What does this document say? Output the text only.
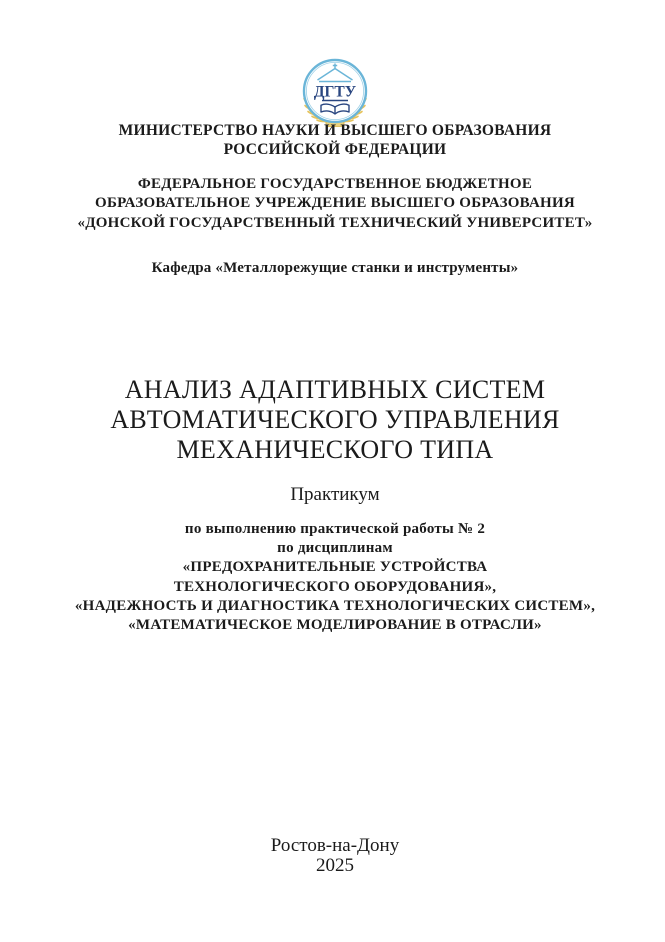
ДГТУ
МИНИСТЕРСТВО НАУКИ И ВЫСШЕГО ОБРАЗОВАНИЯ
РОССИЙСКОЙ ФЕДЕРАЦИИ
ФЕДЕРАЛЬНОЕ ГОСУДАРСТВЕННОЕ БЮДЖЕТНОЕ
ОБРАЗОВАТЕЛЬНОЕ УЧРЕЖДЕНИЕ ВЫСШЕГО ОБРАЗОВАНИЯ
«ДОНСКОЙ ГОСУДАРСТВЕННЫЙ ТЕХНИЧЕСКИЙ УНИВЕРСИТЕТ»
Кафедра «Металлорежущие станки и инструменты»
АНАЛИЗ АДАПТИВНЫХ СИСТЕМ
АВТОМАТИЧЕСКОГО УПРАВЛЕНИЯ
МЕХАНИЧЕСКОГО ТИПА
Практикум
по выполнению практической работы № 2
по дисциплинам
«ПРЕДОХРАНИТЕЛЬНЫЕ УСТРОЙСТВА
ТЕХНОЛОГИЧЕСКОГО ОБОРУДОВАНИЯ»,
«НАДЕЖНОСТЬ И ДИАГНОСТИКА ТЕХНОЛОГИЧЕСКИХ СИСТЕМ»,
«МАТЕМАТИЧЕСКОЕ МОДЕЛИРОВАНИЕ В ОТРАСЛИ»
Ростов-на-Дону
2025
